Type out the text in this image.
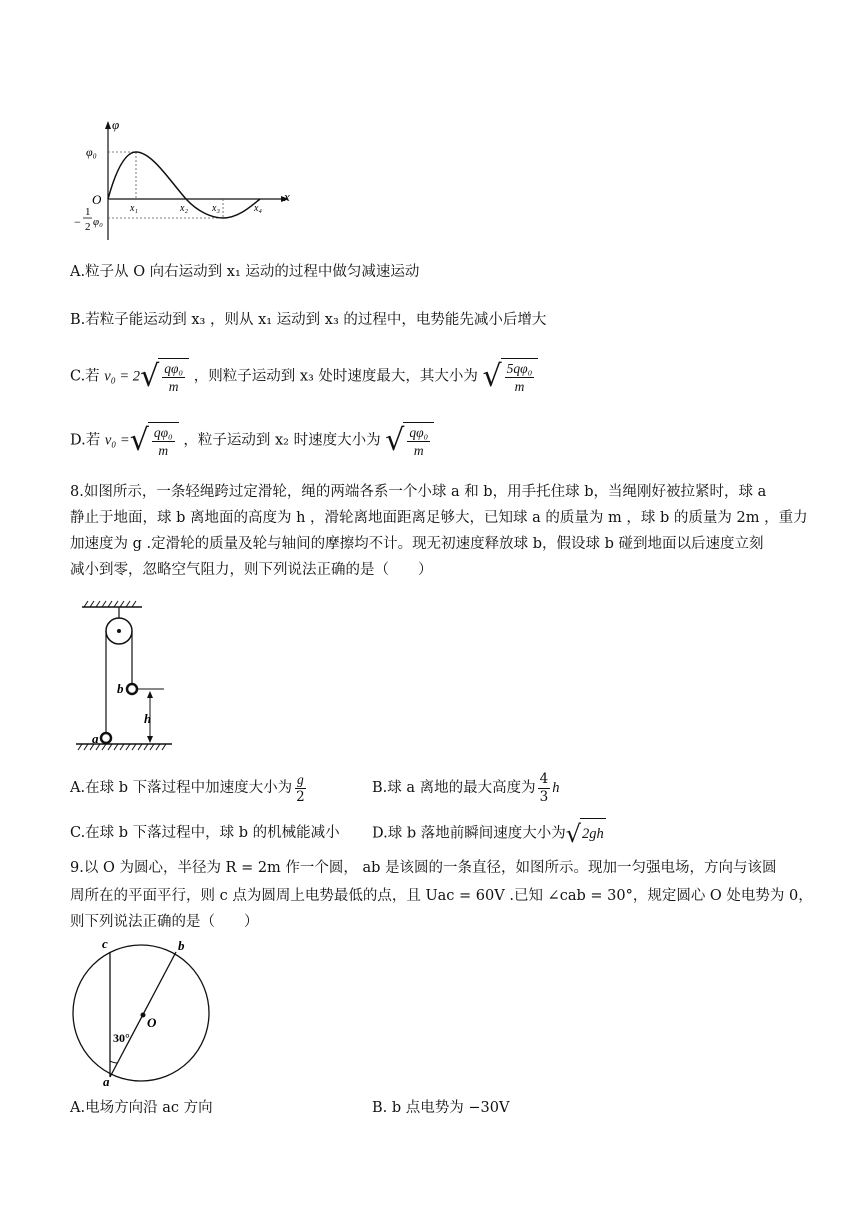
φ
x
O
φ₀
−
1
2 φ₀
x₁	x₂ x₃	x₄
A.粒子从 O 向右运动到 x₁ 运动的过程中做匀减速运动
B.若粒子能运动到 x₃ ，则从 x₁ 运动到 x₃ 的过程中，电势能先减小后增大
C.若 v₀ = 2 √ $\frac{\text{qφ₀}}{m}$ ，则粒子运动到 x₃ 处时速度最大，其大小为 √ $\frac{\text{5qφ₀}}{m}$
D.若 v₀ = √ $\frac{\text{qφ₀}}{m}$ ，粒子运动到 x₂ 时速度大小为 √ $\frac{\text{qφ₀}}{m}$
8.如图所示，一条轻绳跨过定滑轮，绳的两端各系一个小球 a 和 b，用手托住球 b，当绳刚好被拉紧时，球 a
静止于地面，球 b 离地面的高度为 h ，滑轮离地面距离足够大，已知球 a 的质量为 m ，球 b 的质量为 2m ，重力
加速度为 g .定滑轮的质量及轮与轴间的摩擦均不计。现无初速度释放球 b，假设球 b 碰到地面以后速度立刻
减小到零，忽略空气阻力，则下列说法正确的是（　　）
a
b
h
A.在球 b 下落过程中加速度大小为 $\frac{g}{2}$	B.球 a 离地的最大高度为 $\frac{4}{3}$ h
C.在球 b 下落过程中，球 b 的机械能减小 D.球 b 落地前瞬间速度大小为 √ 2gh
9.以 O 为圆心，半径为 R = 2m 作一个圆， ab 是该圆的一条直径，如图所示。现加一匀强电场，方向与该圆
周所在的平面平行，则 c 点为圆周上电势最低的点，且 Uac = 60V .已知 ∠cab = 30°，规定圆心 O 处电势为 0，
则下列说法正确的是（　　）
c	b
O
a
30°
A.电场方向沿 ac 方向	B. b 点电势为 −30V
